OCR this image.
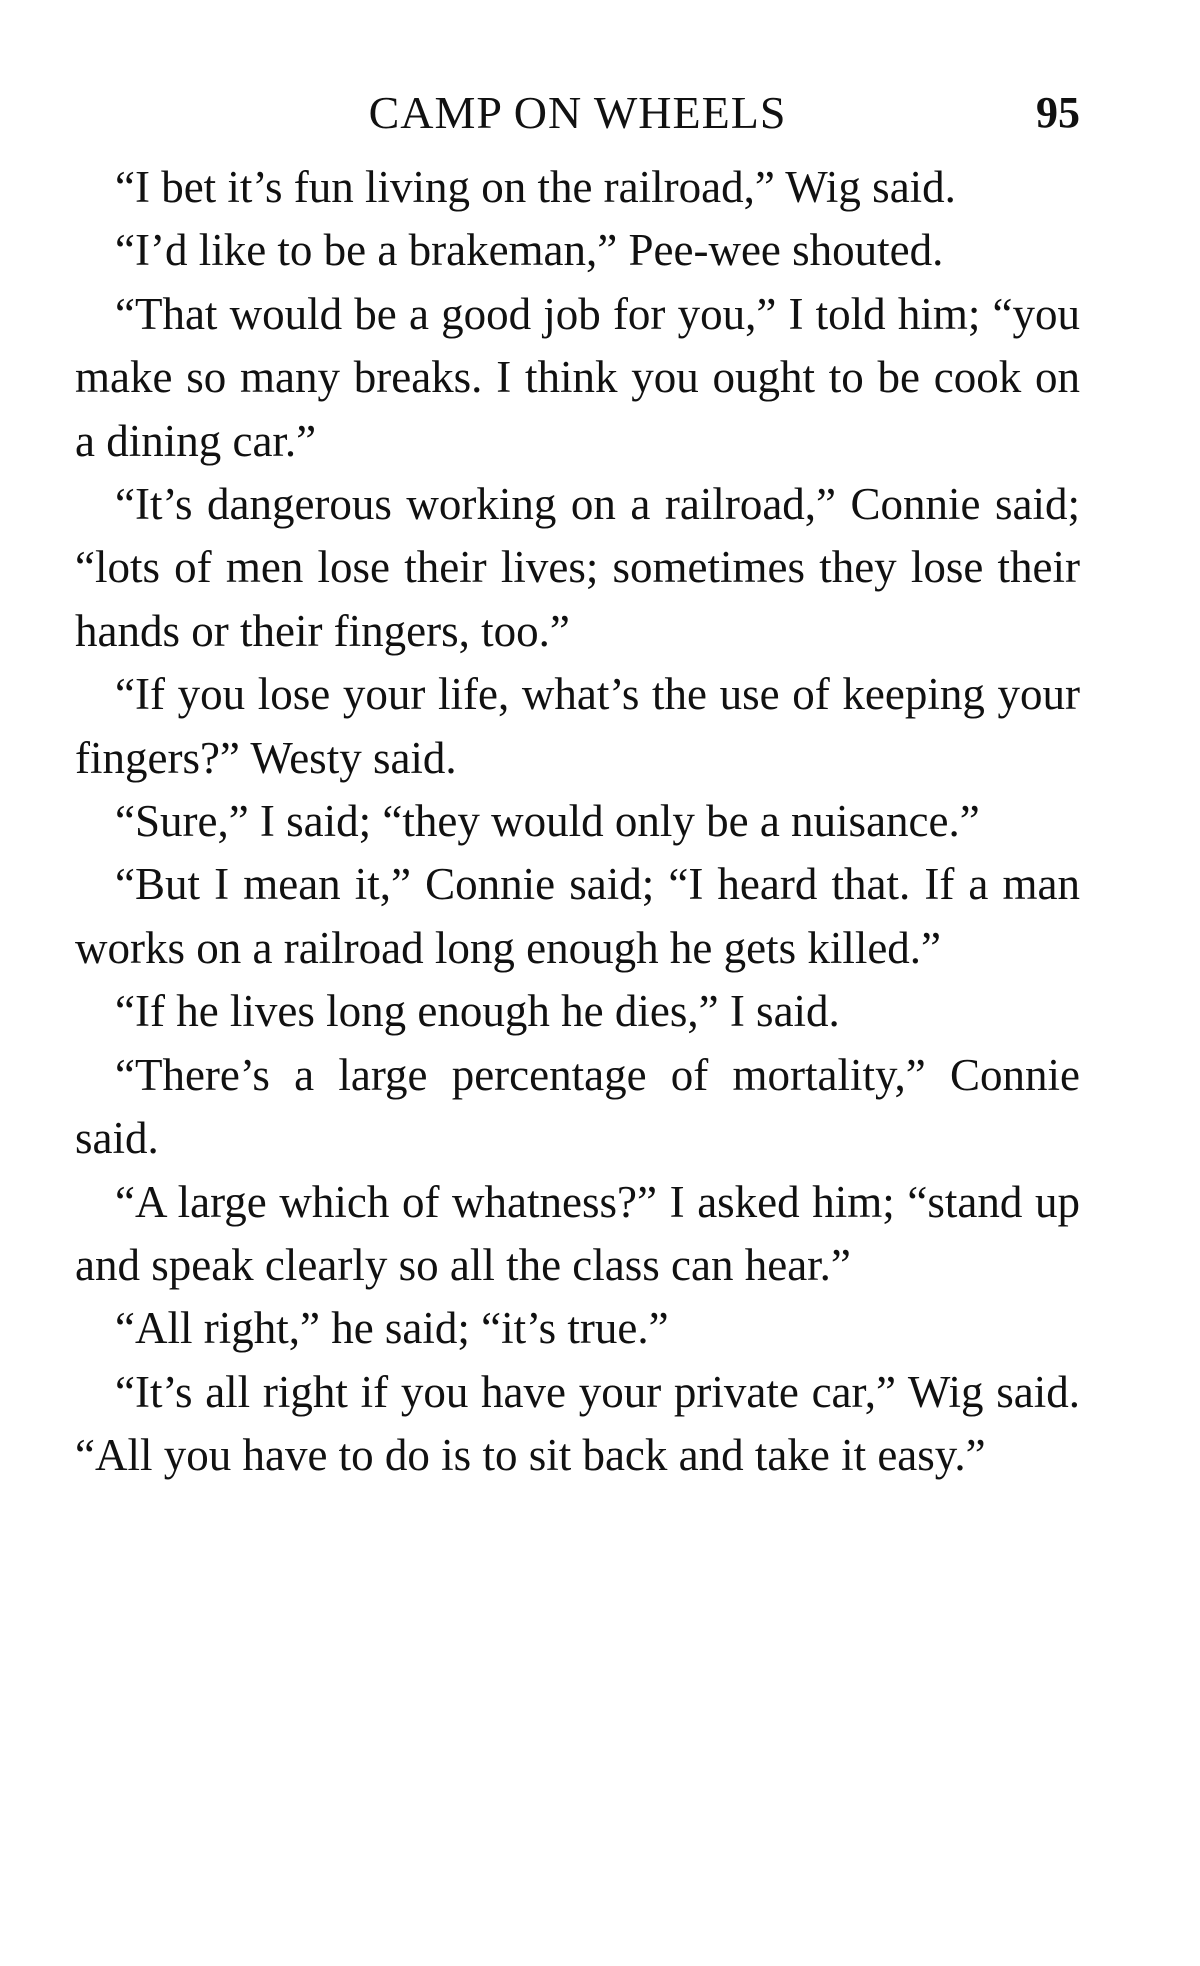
CAMP ON WHEELS	95

“I bet it’s fun living on the railroad,” Wig said.

“I’d like to be a brakeman,” Pee-wee shouted.

“That would be a good job for you,” I told him; “you make so many breaks. I think you ought to be cook on a dining car.”

“It’s dangerous working on a railroad,” Connie said; “lots of men lose their lives; sometimes they lose their hands or their fingers, too.”

“If you lose your life, what’s the use of keeping your fingers?” Westy said.

“Sure,” I said; “they would only be a nuisance.”

“But I mean it,” Connie said; “I heard that. If a man works on a railroad long enough he gets killed.”

“If he lives long enough he dies,” I said.

“There’s a large percentage of mortality,” Connie said.

“A large which of whatness?” I asked him; “stand up and speak clearly so all the class can hear.”

“All right,” he said; “it’s true.”

“It’s all right if you have your private car,” Wig said. “All you have to do is to sit back and take it easy.”
